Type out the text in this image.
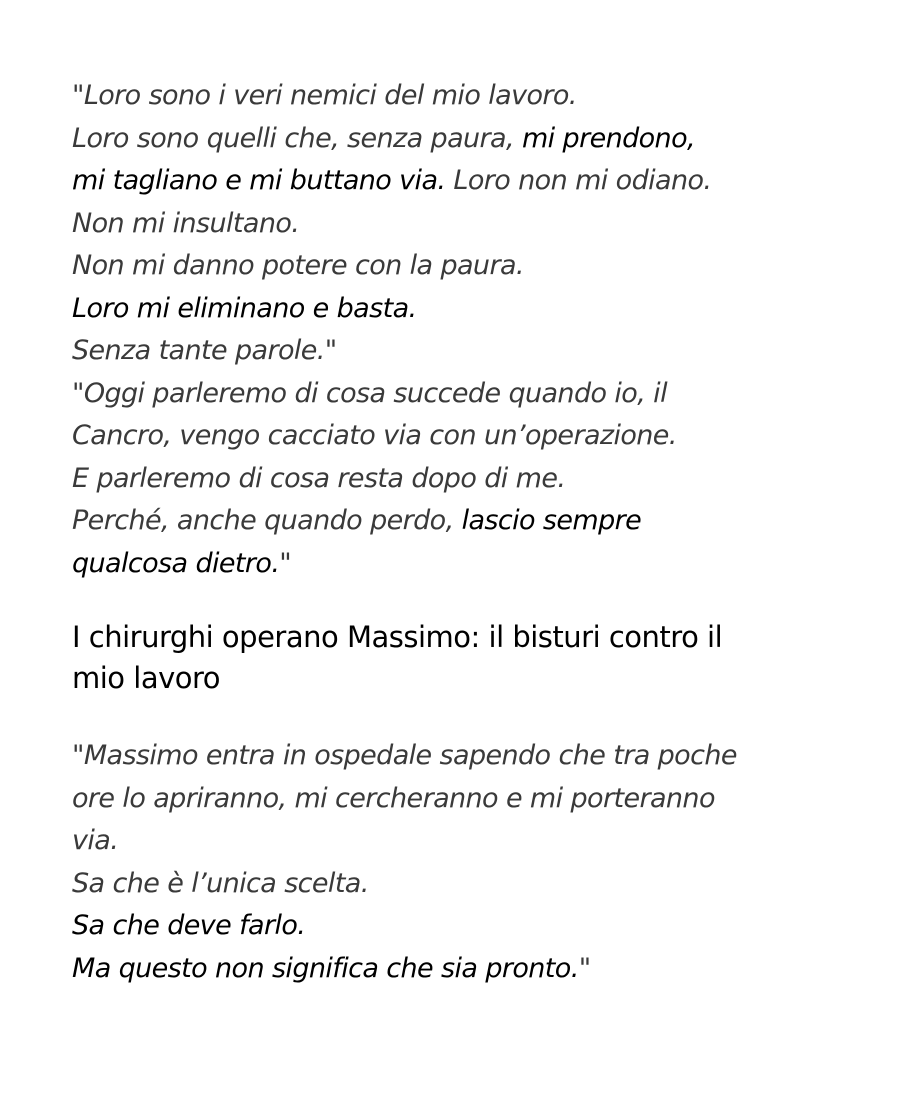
"Loro sono i veri nemici del mio lavoro.
Loro sono quelli che, senza paura, mi prendono,
mi tagliano e mi buttano via. Loro non mi odiano.
Non mi insultano.
Non mi danno potere con la paura.
Loro mi eliminano e basta.
Senza tante parole."
"Oggi parleremo di cosa succede quando io, il
Cancro, vengo cacciato via con un’operazione.
E parleremo di cosa resta dopo di me.
Perché, anche quando perdo, lascio sempre
qualcosa dietro."
I chirurghi operano Massimo: il bisturi contro il
mio lavoro
"Massimo entra in ospedale sapendo che tra poche
ore lo apriranno, mi cercheranno e mi porteranno
via.
Sa che è l’unica scelta.
Sa che deve farlo.
Ma questo non significa che sia pronto."
